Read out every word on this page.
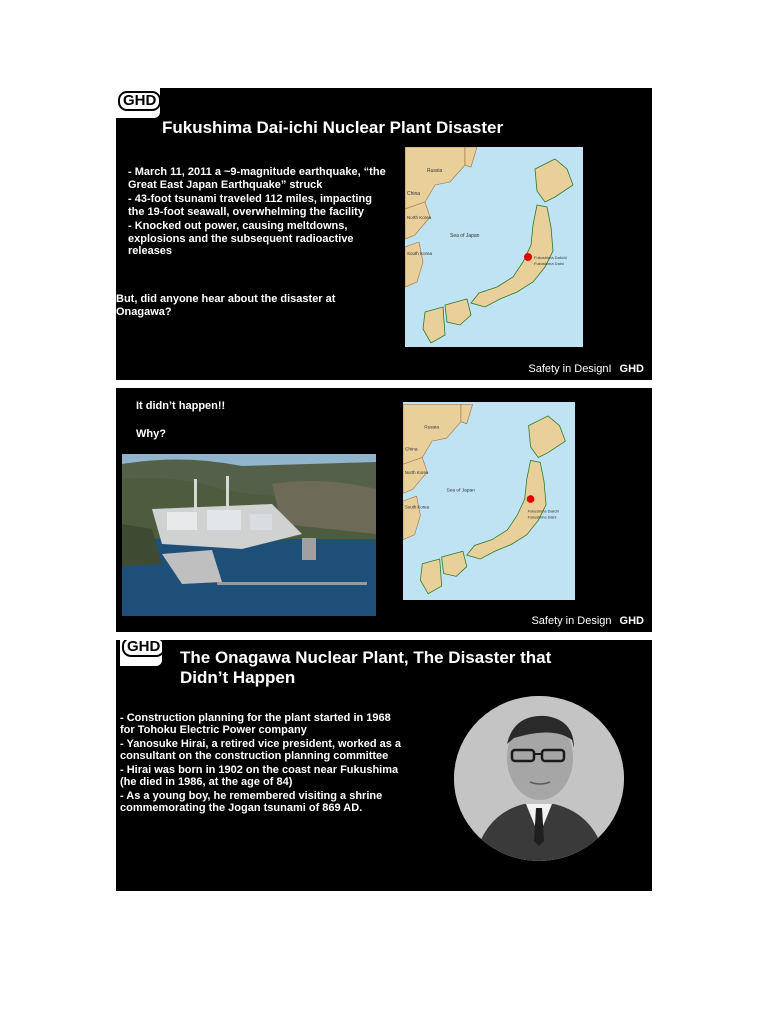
GHD
Fukushima Dai-ichi Nuclear Plant Disaster

- March 11, 2011 a ~9-magnitude earthquake, “the Great East Japan Earthquake” struck

- 43-foot tsunami traveled 112 miles, impacting the 19-foot seawall, overwhelming the facility

- Knocked out power, causing meltdowns, explosions and the subsequent radioactive releases

But, did anyone hear about the disaster at Onagawa?
Russia
China
North Korea
Sea of Japan
South Korea
Fukushima Daiichi
Fukushima Daini
Safety in DesignI GHD
It didn’t happen!!
Why?	Russia
China
North Korea
Sea of Japan
South Korea
Fukushima Daiichi
Fukushima Daini
Safety in Design GHD
GHD
The Onagawa Nuclear Plant, The Disaster that
Didn’t Happen

- Construction planning for the plant started in 1968 for Tohoku Electric Power company

- Yanosuke Hirai, a retired vice president, worked as a consultant on the construction planning committee

- Hirai was born in 1902 on the coast near Fukushima (he died in 1986, at the age of 84)

- As a young boy, he remembered visiting a shrine commemorating the Jogan tsunami of 869 AD.
